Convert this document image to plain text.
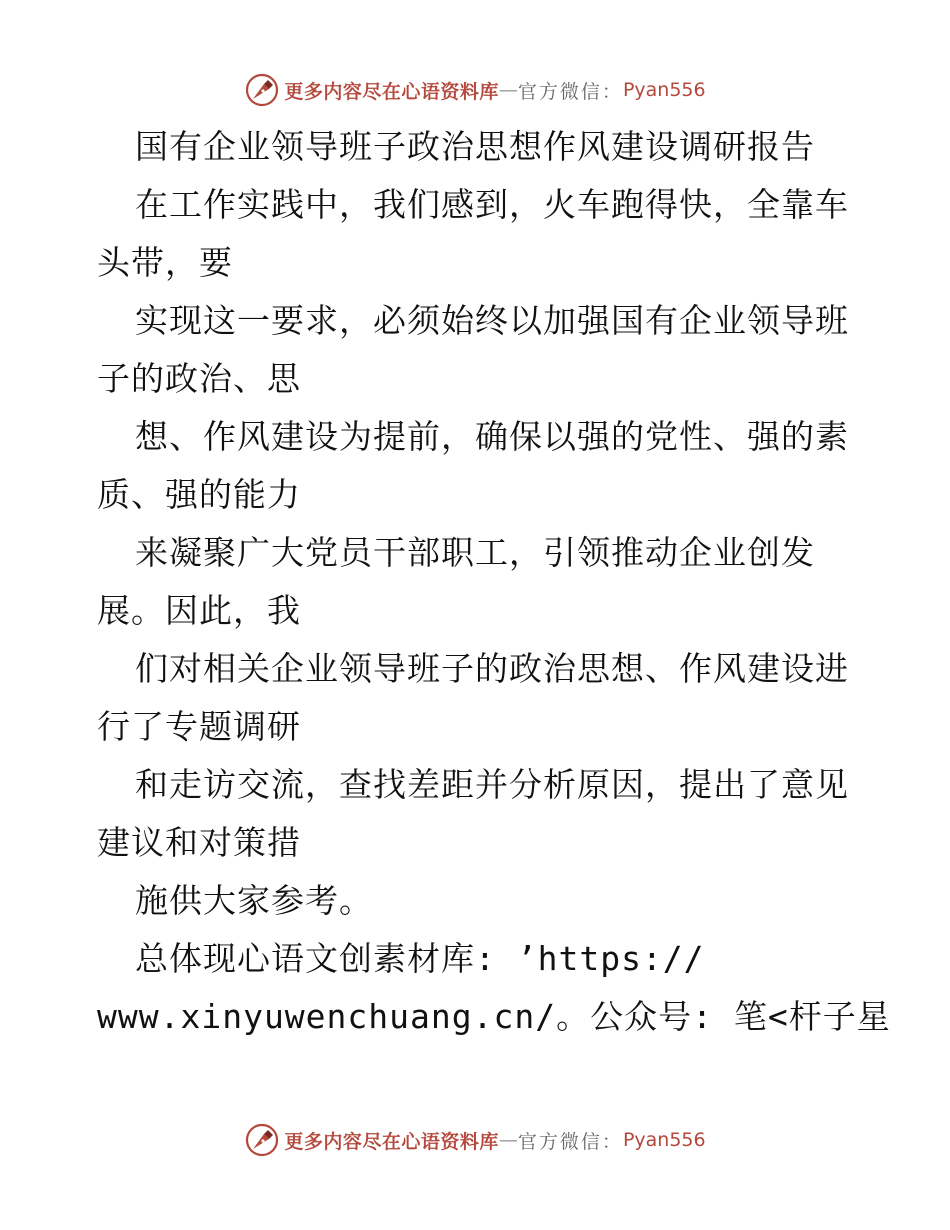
更多内容尽在心语资料库 — 官方微信： Pyan556
国有企业领导班子政治思想作风建设调研报告
在工作实践中，我们感到，火车跑得快，全靠车
头带，要
实现这一要求，必须始终以加强国有企业领导班
子的政治、思
想、作风建设为提前，确保以强的党性、强的素
质、强的能力
来凝聚广大党员干部职工，引领推动企业创发
展。因此，我
们对相关企业领导班子的政治思想、作风建设进
行了专题调研
和走访交流，查找差距并分析原因，提出了意见
建议和对策措
施供大家参考。
总体现心语文创素材库: ’https://
www.xinyuwenchuang.cn/。公众号: 笔<杆子星
更多内容尽在心语资料库 — 官方微信： Pyan556
